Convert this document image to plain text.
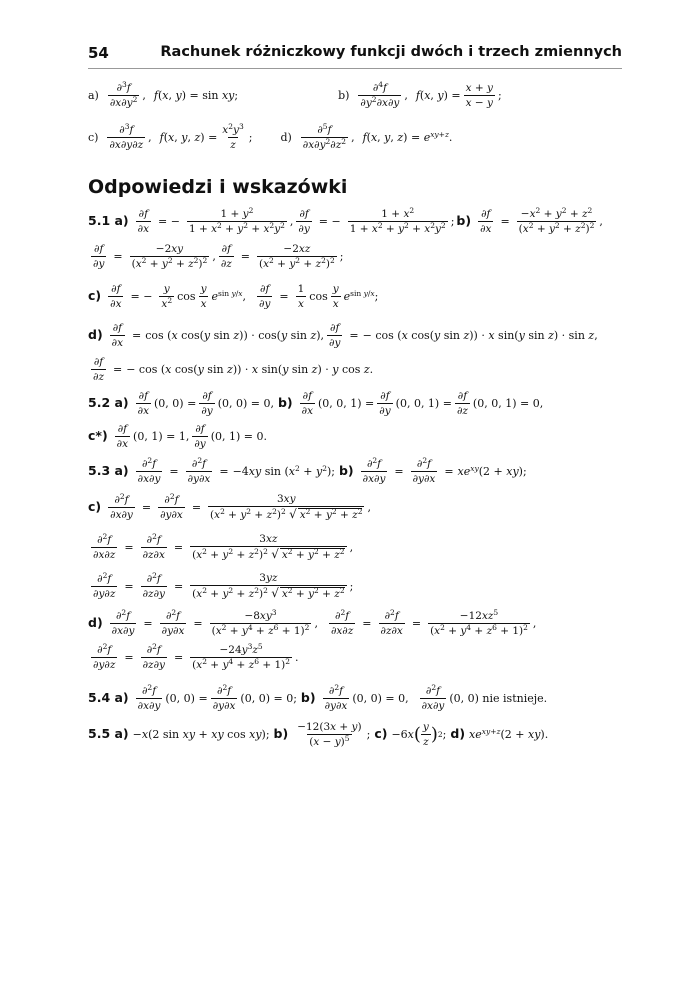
54	Rachunek różniczkowy funkcji dwóch i trzech zmiennych
$a) \frac{\partial^3f}{\partial x\partial y^2}$ , f(x, y) = sin xy;	$b) \frac{\partial^4f}{\partial y^2\partial x\partial y}$ , f(x, $y) = \frac{x + y}{x - y}$ ;
$c) \frac{\partial^3f}{\partial x\partial y\partial z}$ , f(x, y, $z) = \frac{x^2y^3}{z}$ ;	$d) \frac{\partial^5f}{\partial x\partial y^2\partial z^2}$ , f(x, y, $z) = e^{xy+z}$.
Odpowiedzi i wskazówki
5.1 $a) \frac{\partial f}{\partial x}$ = − $\frac{1 + y^2}{1 + x^2 + y^2 + x^2y^2}$ , $\frac{\partial f}{\partial y}$ = − $\frac{1 + x^2}{1 + x^2 + y^2 + x^2y^2}$ ; $b) \frac{\partial f}{\partial x} = \frac{-x^2 + y^2 + z^2}{(x^2 + y^2 + z^2)^2}$ ,
$\frac{\partial f}{\partial y} = \frac{-2xy}{(x^2 + y^2 + z^2)^2}$ , $\frac{\partial f}{\partial z} = \frac{-2xz}{(x^2 + y^2 + z^2)^2}$ ;
$c) \frac{\partial f}{\partial x}$ = − $\frac{y}{x^2}$ $\cos \frac{y}{x} e^{sin y/x}$ , $\frac{\partial f}{\partial y} = \frac{1}{x}$ $\cos \frac{y}{x} e^{sin y/x}$ ;
$d) \frac{\partial f}{\partial x} = \cos (x$ cos(y sin z)) · cos(y sin z), $\frac{\partial f}{\partial y}$ = − cos (x cos(y sin z)) · x sin(y sin z) · sin z,
$\frac{\partial f}{\partial z}$ = − cos (x cos(y sin z)) · x sin(y sin z) · y cos z.
5.2 $a) \frac{\partial f}{\partial x} (0$, $0) = \frac{\partial f}{\partial y} (0$, 0) = 0, $b) \frac{\partial f}{\partial x} (0$, 0, $1) = \frac{\partial f}{\partial y} (0$, 0, $1) = \frac{\partial f}{\partial z} (0$, 0, 1) = 0,
$c*) \frac{\partial f}{\partial x} (0$, 1) = 1, $\frac{\partial f}{\partial y} (0$, 1) = 0.
5.3 $a) \frac{\partial^2f}{\partial x\partial y} = \frac{\partial^2f}{\partial y\partial x} = -4xy$ $\sin (x^2 + y^2)$; $b) \frac{\partial^2f}{\partial x\partial y} = \frac{\partial^2f}{\partial y\partial x} = xe^{xy}(2 + xy)$;
$c) \frac{\partial^2f}{\partial x\partial y} = \frac{\partial^2f}{\partial y\partial x} = \frac{3xy}{(x^2 + y^2 + z^2)^2 √ x^2 + y^2 + z^2}$ ,
$\frac{\partial^2f}{\partial x\partial z} = \frac{\partial^2f}{\partial z\partial x} = \frac{3xz}{(x^2 + y^2 + z^2)^2 √ x^2 + y^2 + z^2}$ ,
$\frac{\partial^2f}{\partial y\partial z} = \frac{\partial^2f}{\partial z\partial y} = \frac{3yz}{(x^2 + y^2 + z^2)^2 √ x^2 + y^2 + z^2}$ ;
$d) \frac{\partial^2f}{\partial x\partial y} = \frac{\partial^2f}{\partial y\partial x} = \frac{-8xy^3}{(x^2 + y^4 + z^6 + 1)^2}$ , $\frac{\partial^2f}{\partial x\partial z} = \frac{\partial^2f}{\partial z\partial x} = \frac{-12xz^5}{(x^2 + y^4 + z^6 + 1)^2}$ ,
$\frac{\partial^2f}{\partial y\partial z} = \frac{\partial^2f}{\partial z\partial y} = \frac{-24y^3z^5}{(x^2 + y^4 + z^6 + 1)^2}$ .
5.4 $a) \frac{\partial^2f}{\partial x\partial y} (0$, $0) = \frac{\partial^2f}{\partial y\partial x} (0$, 0) = 0; $b) \frac{\partial^2f}{\partial y\partial x} (0$, 0) = 0, $\frac{\partial^2f}{\partial x\partial y} (0$, 0) nie istnieje.
5.5 a) −x(2 sin xy + xy cos xy); $b) \frac{-12(3x + y)}{(x - y)^5}$ ; c) −6x ( $\frac{y}{z}$ ) 2 ; d) $xe^{xy+z}(2 + xy)$.
